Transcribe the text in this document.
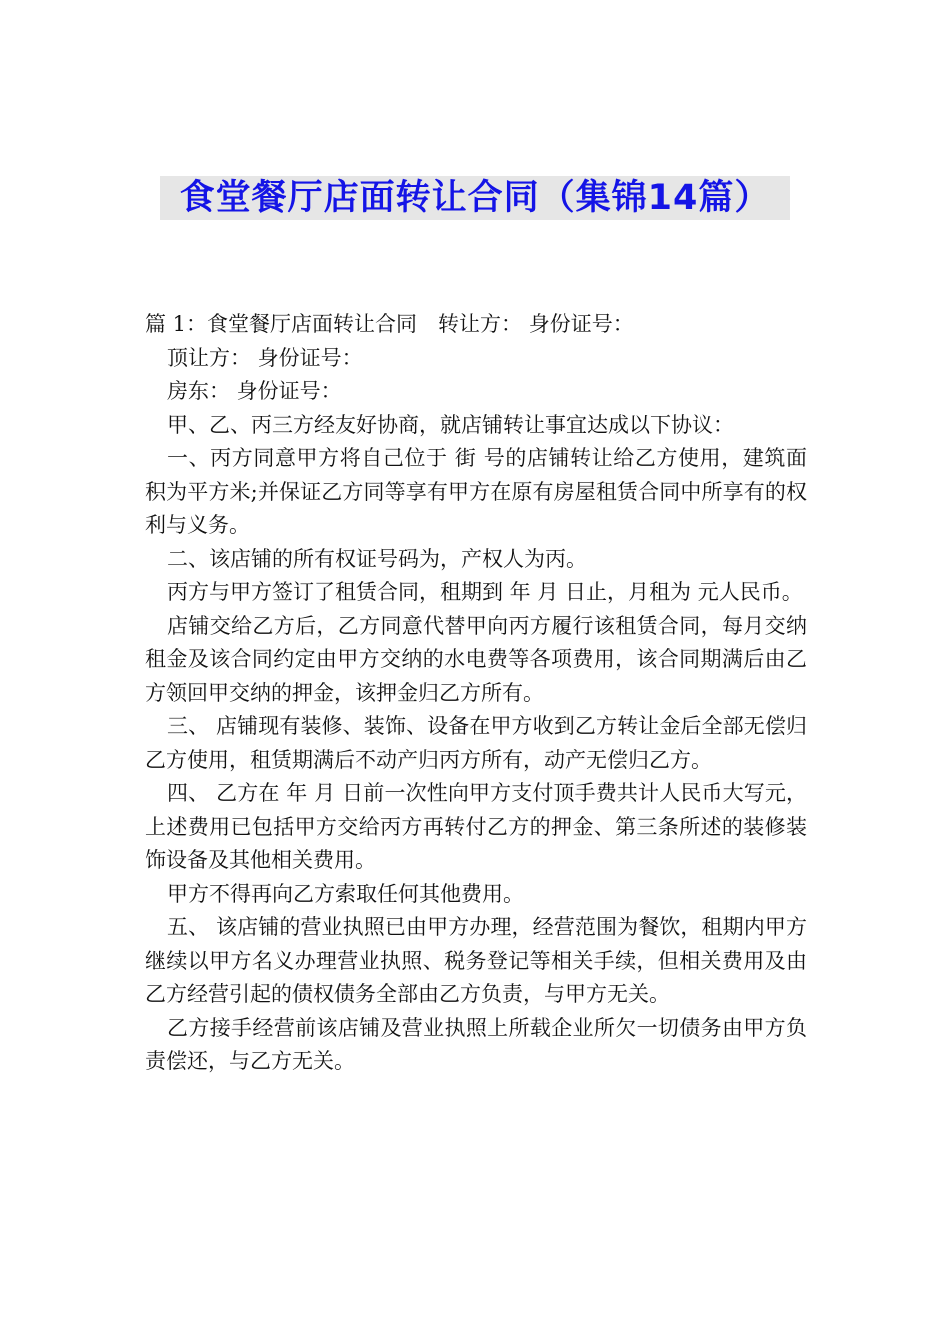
食堂餐厅店面转让合同（集锦14篇）

篇 1：食堂餐厅店面转让合同　转让方： 身份证号：

顶让方： 身份证号：

房东： 身份证号：

甲、乙、丙三方经友好协商，就店铺转让事宜达成以下协议：

一、丙方同意甲方将自己位于 街 号的店铺转让给乙方使用，建筑面积为平方米;并保证乙方同等享有甲方在原有房屋租赁合同中所享有的权利与义务。

二、该店铺的所有权证号码为，产权人为丙。

丙方与甲方签订了租赁合同，租期到 年 月 日止，月租为 元人民币。

店铺交给乙方后，乙方同意代替甲向丙方履行该租赁合同，每月交纳租金及该合同约定由甲方交纳的水电费等各项费用，该合同期满后由乙方领回甲交纳的押金，该押金归乙方所有。

三、 店铺现有装修、装饰、设备在甲方收到乙方转让金后全部无偿归乙方使用，租赁期满后不动产归丙方所有，动产无偿归乙方。

四、 乙方在 年 月 日前一次性向甲方支付顶手费共计人民币大写元，上述费用已包括甲方交给丙方再转付乙方的押金、第三条所述的装修装饰设备及其他相关费用。

甲方不得再向乙方索取任何其他费用。

五、 该店铺的营业执照已由甲方办理，经营范围为餐饮，租期内甲方继续以甲方名义办理营业执照、税务登记等相关手续，但相关费用及由乙方经营引起的债权债务全部由乙方负责，与甲方无关。

乙方接手经营前该店铺及营业执照上所载企业所欠一切债务由甲方负责偿还，与乙方无关。
